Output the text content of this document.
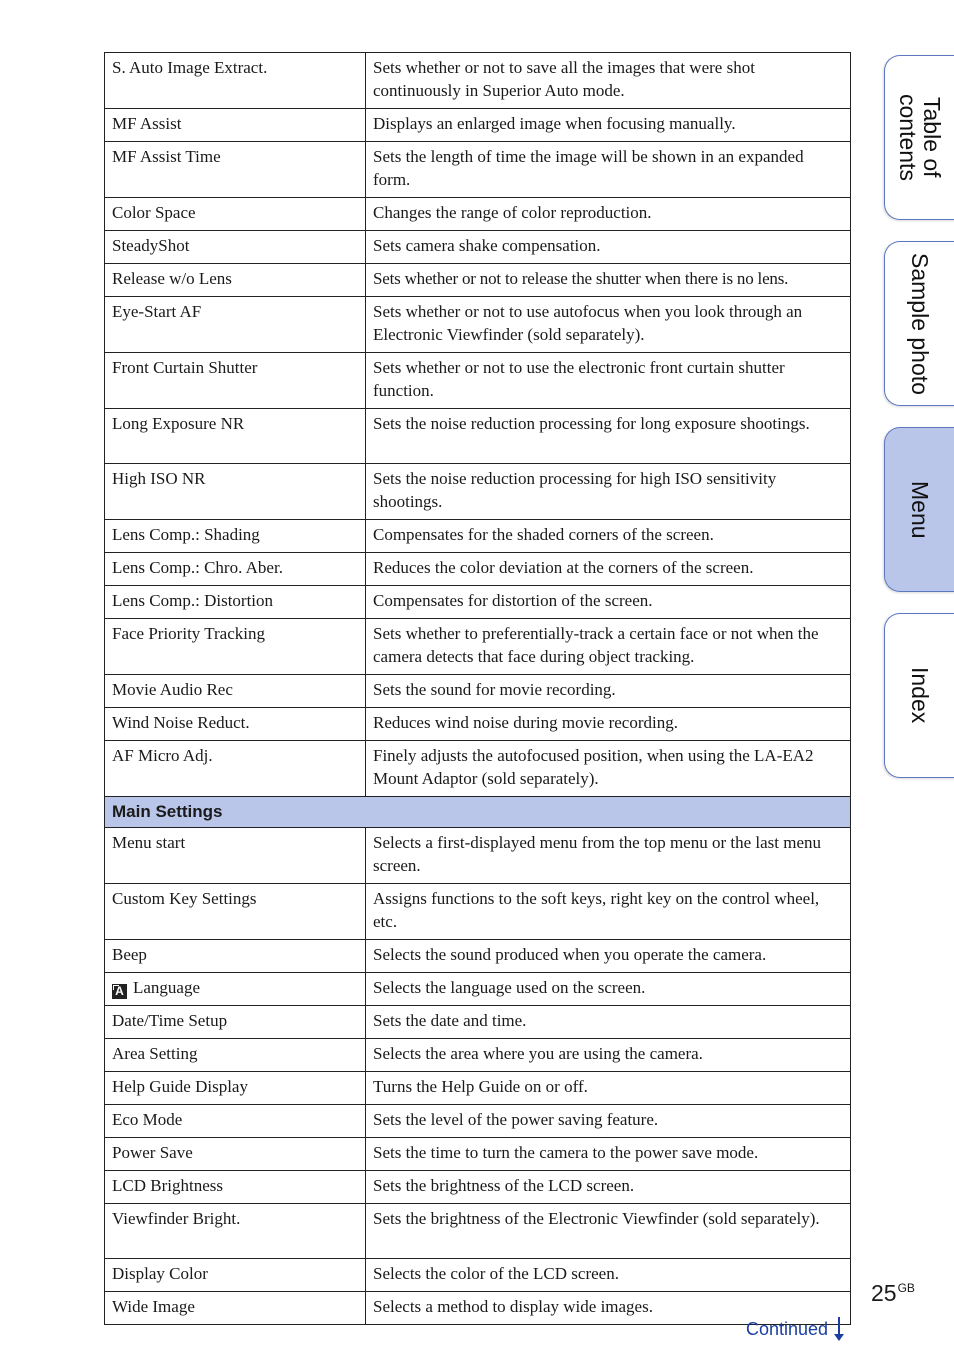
S. Auto Image Extract.	Sets whether or not to save all the images that were shot continuously in Superior Auto mode.
MF Assist	Displays an enlarged image when focusing manually.
MF Assist Time	Sets the length of time the image will be shown in an expanded form.
Color Space	Changes the range of color reproduction.
SteadyShot	Sets camera shake compensation.
Release w/o Lens	Sets whether or not to release the shutter when there is no lens.
Eye-Start AF	Sets whether or not to use autofocus when you look through an Electronic Viewfinder (sold separately).
Front Curtain Shutter	Sets whether or not to use the electronic front curtain shutter function.
Long Exposure NR	Sets the noise reduction processing for long exposure shootings.
High ISO NR	Sets the noise reduction processing for high ISO sensitivity shootings.
Lens Comp.: Shading	Compensates for the shaded corners of the screen.
Lens Comp.: Chro. Aber.	Reduces the color deviation at the corners of the screen.
Lens Comp.: Distortion	Compensates for distortion of the screen.
Face Priority Tracking	Sets whether to preferentially-track a certain face or not when the camera detects that face during object tracking.
Movie Audio Rec	Sets the sound for movie recording.
Wind Noise Reduct.	Reduces wind noise during movie recording.
AF Micro Adj.	Finely adjusts the autofocused position, when using the LA-EA2 Mount Adaptor (sold separately).
Main Settings	
Menu start	Selects a first-displayed menu from the top menu or the last menu screen.
Custom Key Settings	Assigns functions to the soft keys, right key on the control wheel, etc.
Beep	Selects the sound produced when you operate the camera.
A Language	Selects the language used on the screen.
Date/Time Setup	Sets the date and time.
Area Setting	Selects the area where you are using the camera.
Help Guide Display	Turns the Help Guide on or off.
Eco Mode	Sets the level of the power saving feature.
Power Save	Sets the time to turn the camera to the power save mode.
LCD Brightness	Sets the brightness of the LCD screen.
Viewfinder Bright.	Sets the brightness of the Electronic Viewfinder (sold separately).
Display Color	Selects the color of the LCD screen.
Wide Image	Selects a method to display wide images.
Table of
contents
Sample photo
Menu
Index
$25^{GB}$
Continued
